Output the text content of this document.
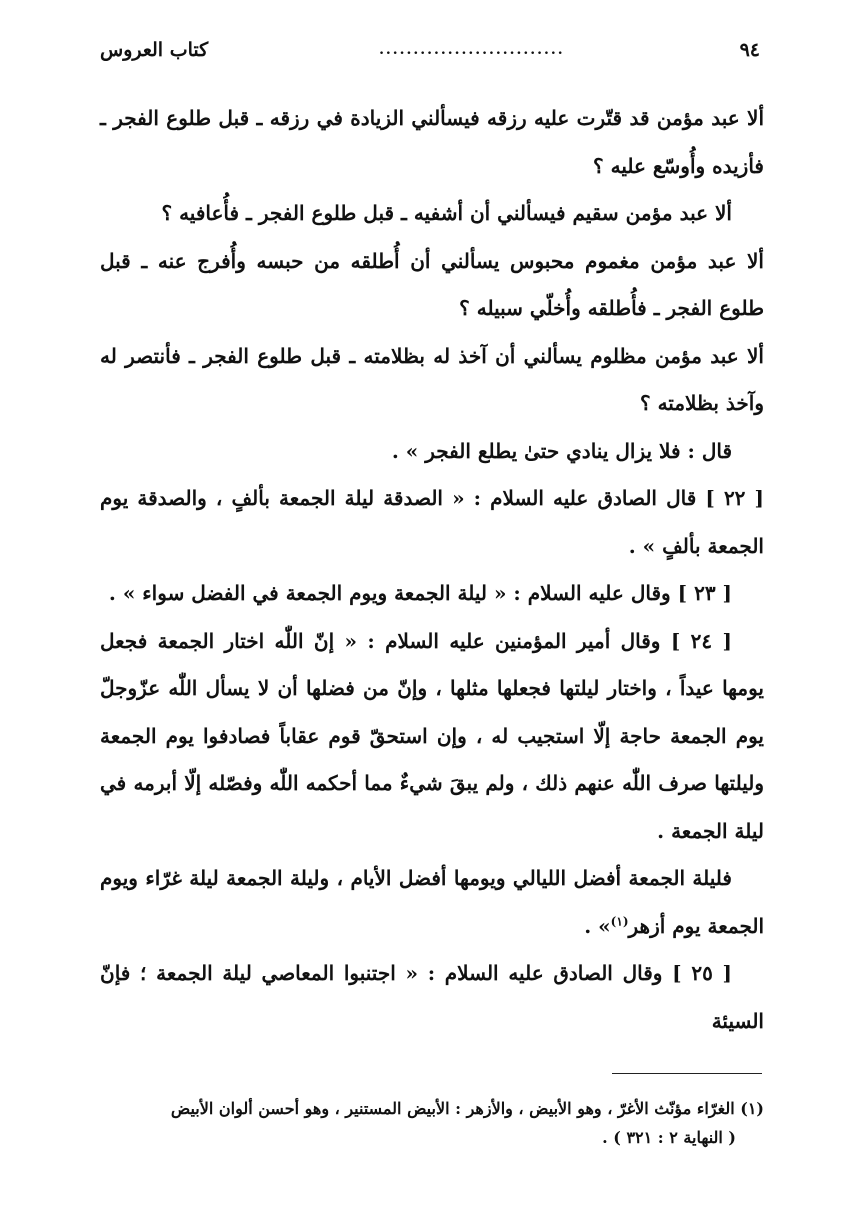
٩٤
...........................
كتاب العروس

ألا عبد مؤمن قد قتّرت عليه رزقه فيسألني الزيادة في رزقه ـ قبل طلوع الفجر ـ فأزيده وأُوسّع عليه ؟

ألا عبد مؤمن سقيم فيسألني أن أشفيه ـ قبل طلوع الفجر ـ فأُعافيه ؟

ألا عبد مؤمن مغموم محبوس يسألني أن أُطلقه من حبسه وأُفرج عنه ـ قبل طلوع الفجر ـ فأُطلقه وأُخلّي سبيله ؟

ألا عبد مؤمن مظلوم يسألني أن آخذ له بظلامته ـ قبل طلوع الفجر ـ فأنتصر له وآخذ بظلامته ؟

قال : فلا يزال ينادي حتىٰ يطلع الفجر » .

[ ٢٢ ] قال الصادق عليه السلام : « الصدقة ليلة الجمعة بألفٍ ، والصدقة يوم الجمعة بألفٍ » .

[ ٢٣ ] وقال عليه السلام : « ليلة الجمعة ويوم الجمعة في الفضل سواء » .

[ ٢٤ ] وقال أمير المؤمنين عليه السلام : « إنّ اللّٰه اختار الجمعة فجعل يومها عيداً ، واختار ليلتها فجعلها مثلها ، وإنّ من فضلها أن لا يسأل اللّٰه عزّوجلّ يوم الجمعة حاجة إلّا استجيب له ، وإن استحقّ قوم عقاباً فصادفوا يوم الجمعة وليلتها صرف اللّٰه عنهم ذلك ، ولم يبقَ شيءٌ مما أحكمه اللّٰه وفصّله إلّا أبرمه في ليلة الجمعة .

فليلة الجمعة أفضل الليالي ويومها أفضل الأيام ، وليلة الجمعة ليلة غرّاء ويوم الجمعة يوم أزهر$^{(١)}$» .

[ ٢٥ ] وقال الصادق عليه السلام : « اجتنبوا المعاصي ليلة الجمعة ؛ فإنّ السيئة

(١) الغرّاء مؤنّث الأغرّ ، وهو الأبيض ، والأزهر : الأبيض المستنير ، وهو أحسن ألوان الأبيض

( النهاية ٢ : ٣٢١ ) .
